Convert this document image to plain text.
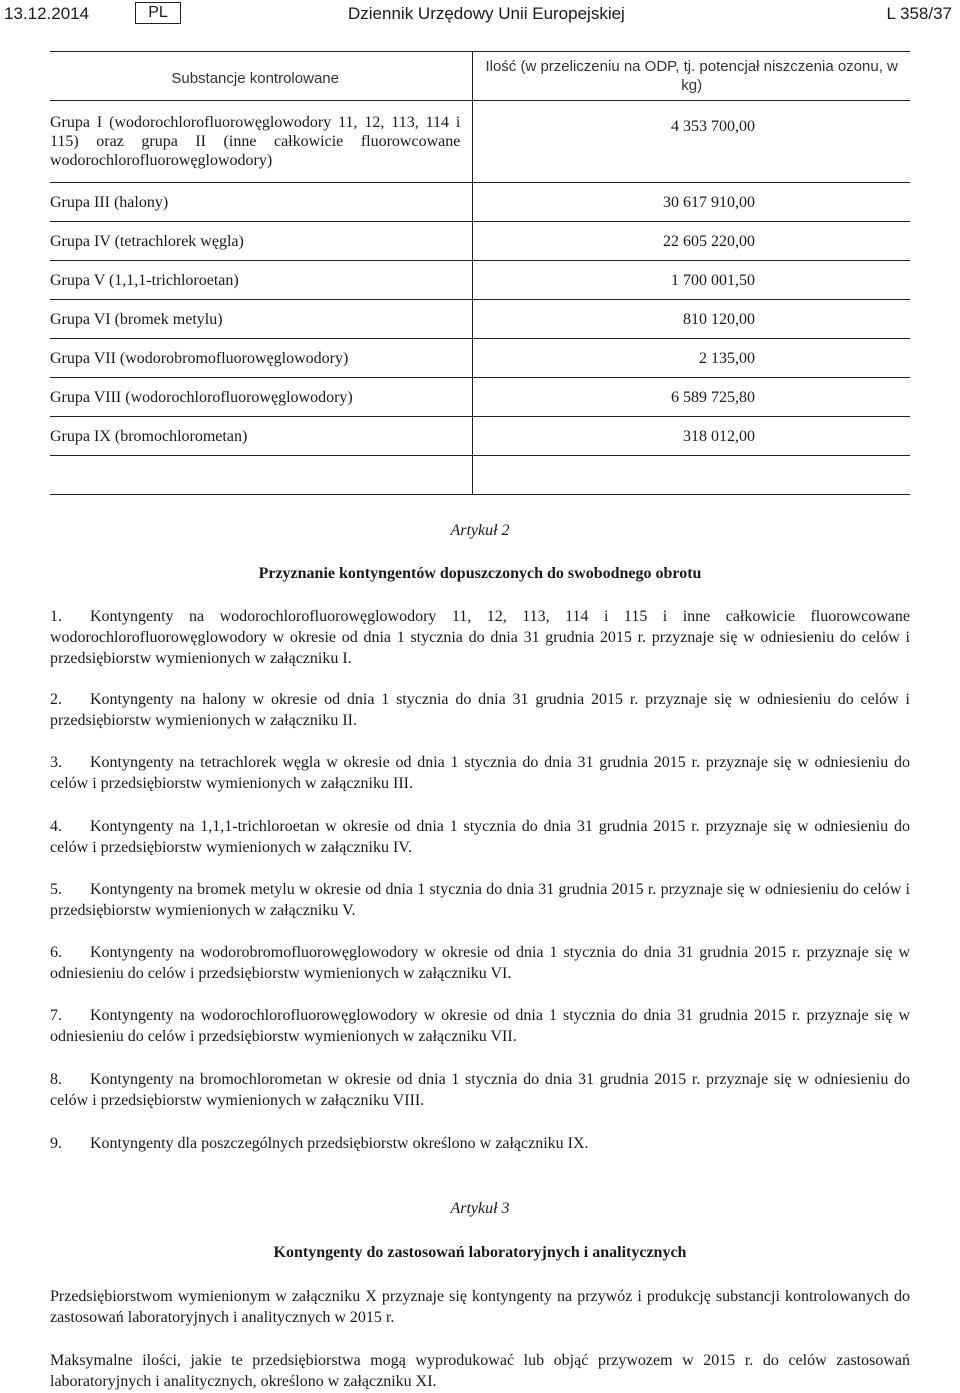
13.12.2014	PL	Dziennik Urzędowy Unii Europejskiej	L 358/37
Substancje kontrolowane	Ilość (w przeliczeniu na ODP, tj. potencjał niszczenia ozonu, w kg)
Grupa I (wodorochlorofluorowęglowodory 11, 12, 113, 114 i 115) oraz grupa II (inne całkowicie fluorowcowane wodorochlorofluorowęglowodory)	4 353 700,00
Grupa III (halony)	30 617 910,00
Grupa IV (tetrachlorek węgla)	22 605 220,00
Grupa V (1,1,1-trichloroetan)	1 700 001,50
Grupa VI (bromek metylu)	810 120,00
Grupa VII (wodorobromofluorowęglowodory)	2 135,00
Grupa VIII (wodorochlorofluorowęglowodory)	6 589 725,80
Grupa IX (bromochlorometan)	318 012,00

Artykuł 2
Przyznanie kontyngentów dopuszczonych do swobodnego obrotu

1. Kontyngenty na wodorochlorofluorowęglowodory 11, 12, 113, 114 i 115 i inne całkowicie fluorowcowane wodorochlorofluorowęglowodory w okresie od dnia 1 stycznia do dnia 31 grudnia 2015 r. przyznaje się w odniesieniu do celów i przedsiębiorstw wymienionych w załączniku I.

2. Kontyngenty na halony w okresie od dnia 1 stycznia do dnia 31 grudnia 2015 r. przyznaje się w odniesieniu do celów i przedsiębiorstw wymienionych w załączniku II.

3. Kontyngenty na tetrachlorek węgla w okresie od dnia 1 stycznia do dnia 31 grudnia 2015 r. przyznaje się w odniesieniu do celów i przedsiębiorstw wymienionych w załączniku III.

4. Kontyngenty na 1,1,1-trichloroetan w okresie od dnia 1 stycznia do dnia 31 grudnia 2015 r. przyznaje się w odniesieniu do celów i przedsiębiorstw wymienionych w załączniku IV.

5. Kontyngenty na bromek metylu w okresie od dnia 1 stycznia do dnia 31 grudnia 2015 r. przyznaje się w odniesieniu do celów i przedsiębiorstw wymienionych w załączniku V.

6. Kontyngenty na wodorobromofluorowęglowodory w okresie od dnia 1 stycznia do dnia 31 grudnia 2015 r. przyznaje się w odniesieniu do celów i przedsiębiorstw wymienionych w załączniku VI.

7. Kontyngenty na wodorochlorofluorowęglowodory w okresie od dnia 1 stycznia do dnia 31 grudnia 2015 r. przyznaje się w odniesieniu do celów i przedsiębiorstw wymienionych w załączniku VII.

8. Kontyngenty na bromochlorometan w okresie od dnia 1 stycznia do dnia 31 grudnia 2015 r. przyznaje się w odniesieniu do celów i przedsiębiorstw wymienionych w załączniku VIII.

9. Kontyngenty dla poszczególnych przedsiębiorstw określono w załączniku IX.

Artykuł 3
Kontyngenty do zastosowań laboratoryjnych i analitycznych

Przedsiębiorstwom wymienionym w załączniku X przyznaje się kontyngenty na przywóz i produkcję substancji kontrolowanych do zastosowań laboratoryjnych i analitycznych w 2015 r.

Maksymalne ilości, jakie te przedsiębiorstwa mogą wyprodukować lub objąć przywozem w 2015 r. do celów zastosowań laboratoryjnych i analitycznych, określono w załączniku XI.
